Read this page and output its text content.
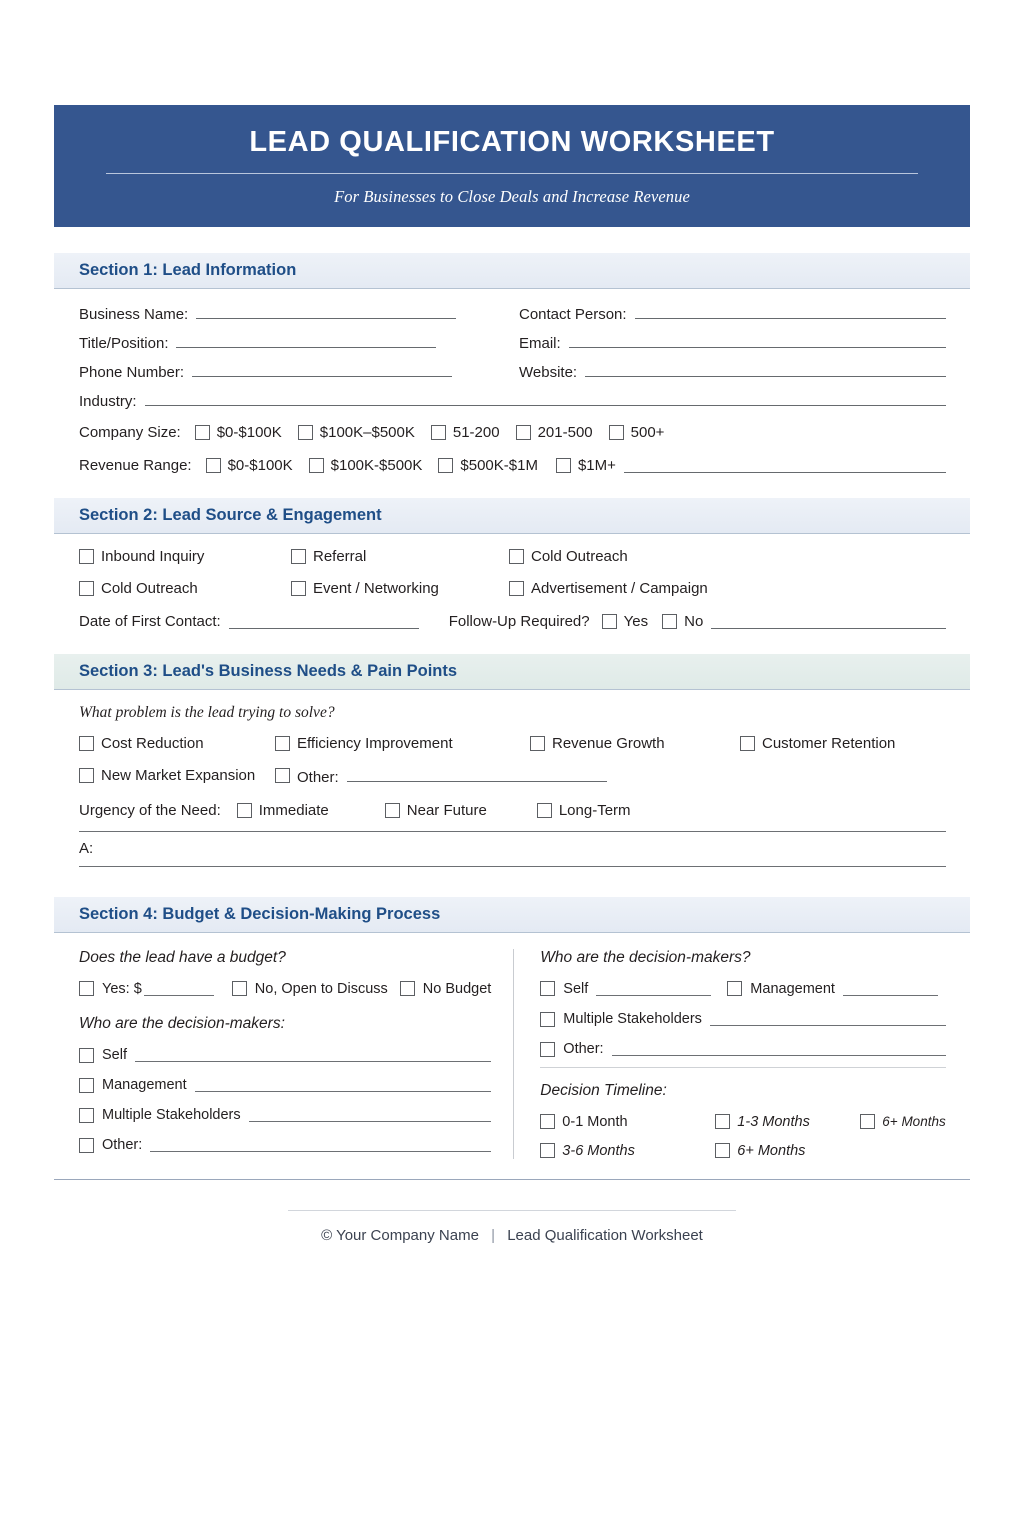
LEAD QUALIFICATION WORKSHEET
For Businesses to Close Deals and Increase Revenue
Section 1: Lead Information
Business Name:	Contact Person:
Title/Position:	Email:
Phone Number:	Website:
Industry:
Company Size: $0-$100K	$100K–$500K	51-200	201-500	500+
Revenue Range: $0-$100K	$100K-$500K	$500K-$1M	$1M+
Section 2: Lead Source & Engagement
Inbound Inquiry	Referral	Cold Outreach
Cold Outreach	Event / Networking	Advertisement / Campaign
Date of First Contact:	Follow-Up Required? Yes No
Section 3: Lead's Business Needs & Pain Points
What problem is the lead trying to solve?
Cost Reduction	Efficiency Improvement	Revenue Growth	Customer Retention
New Market Expansion	Other:
Urgency of the Need:	Immediate	Near Future	Long-Term
A:
Section 4: Budget & Decision-Making Process
Does the lead have a budget?
Yes: $	No, Open to Discuss No Budget
Who are the decision-makers:
Self
Management
Multiple Stakeholders
Other:
Who are the decision-makers?
Self	Management
Multiple Stakeholders
Other:
Decision Timeline:
0-1 Month	1-3 Months	6+ Months
3-6 Months	6+ Months
© Your Company Name | Lead Qualification Worksheet
